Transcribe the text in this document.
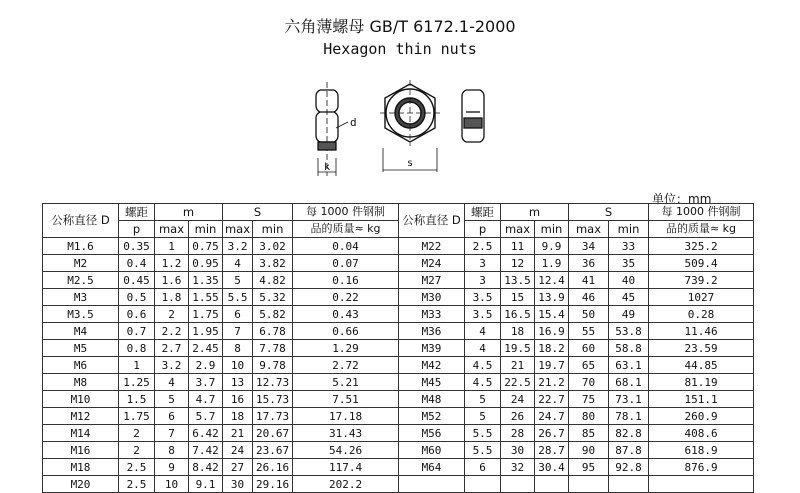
六角薄螺母 GB/T 6172.1-2000
Hexagon thin nuts
d
k	s
单位：mm
公称直径 D	螺距	m		S		每 1000 件钢制
	p	max	min	max	min	品的质量≈ kg
M1.6	0.35	1	0.75	3.2	3.02	0.04
M2	0.4	1.2	0.95	4	3.82	0.07
M2.5	0.45	1.6	1.35	5	4.82	0.16
M3	0.5	1.8	1.55	5.5	5.32	0.22
M3.5	0.6	2	1.75	6	5.82	0.43
M4	0.7	2.2	1.95	7	6.78	0.66
M5	0.8	2.7	2.45	8	7.78	1.29
M6	1	3.2	2.9	10	9.78	2.72
M8	1.25	4	3.7	13	12.73	5.21
M10	1.5	5	4.7	16	15.73	7.51
M12	1.75	6	5.7	18	17.73	17.18
M14	2	7	6.42	21	20.67	31.43
M16	2	8	7.42	24	23.67	54.26
M18	2.5	9	8.42	27	26.16	117.4
M20	2.5	10	9.1	30	29.16	202.2
公称直径 D	螺距	m		S		每 1000 件钢制
	p	max	min	max	min	品的质量≈ kg
M22	2.5	11	9.9	34	33	325.2
M24	3	12	1.9	36	35	509.4
M27	3	13.5	12.4	41	40	739.2
M30	3.5	15	13.9	46	45	1027
M33	3.5	16.5	15.4	50	49	0.28
M36	4	18	16.9	55	53.8	11.46
M39	4	19.5	18.2	60	58.8	23.59
M42	4.5	21	19.7	65	63.1	44.85
M45	4.5	22.5	21.2	70	68.1	81.19
M48	5	24	22.7	75	73.1	151.1
M52	5	26	24.7	80	78.1	260.9
M56	5.5	28	26.7	85	82.8	408.6
M60	5.5	30	28.7	90	87.8	618.9
M64	6	32	30.4	95	92.8	876.9
